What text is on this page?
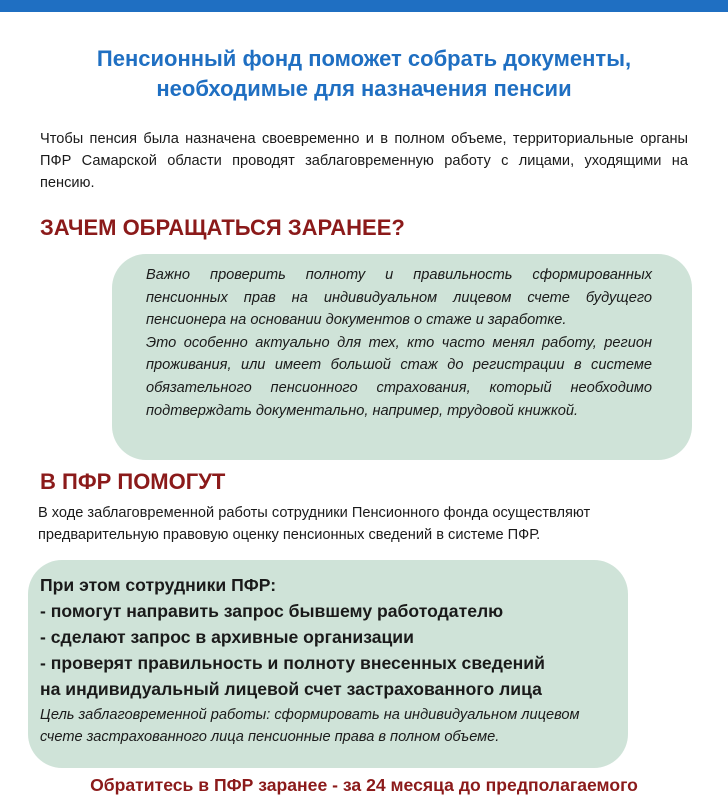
Пенсионный фонд поможет собрать документы,
необходимые для назначения пенсии

Чтобы пенсия была назначена своевременно и в полном объеме, территориальные органы ПФР Самарской области проводят заблаговременную работу с лицами, уходящими на пенсию.

ЗАЧЕМ ОБРАЩАТЬСЯ ЗАРАНЕЕ?

Важно проверить полноту и правильность сформированных пенсионных прав на индивидуальном лицевом счете будущего пенсионера на основании документов о стаже и заработке.

Это особенно актуально для тех, кто часто менял работу, регион проживания, или имеет большой стаж до регистрации в системе обязательного пенсионного страхования, который необходимо подтверждать документально, например, трудовой книжкой.

В ПФР ПОМОГУТ

В ходе заблаговременной работы сотрудники Пенсионного фонда осуществляют предварительную правовую оценку пенсионных сведений в системе ПФР.

При этом сотрудники ПФР:

- помогут направить запрос бывшему работодателю

- сделают запрос в архивные организации

- проверят правильность и полноту внесенных сведений

на индивидуальный лицевой счет застрахованного лица

Цель заблаговременной работы: сформировать на индивидуальном лицевом счете застрахованного лица пенсионные права в полном объеме.

Обратитесь в ПФР заранее - за 24 месяца до предполагаемого
